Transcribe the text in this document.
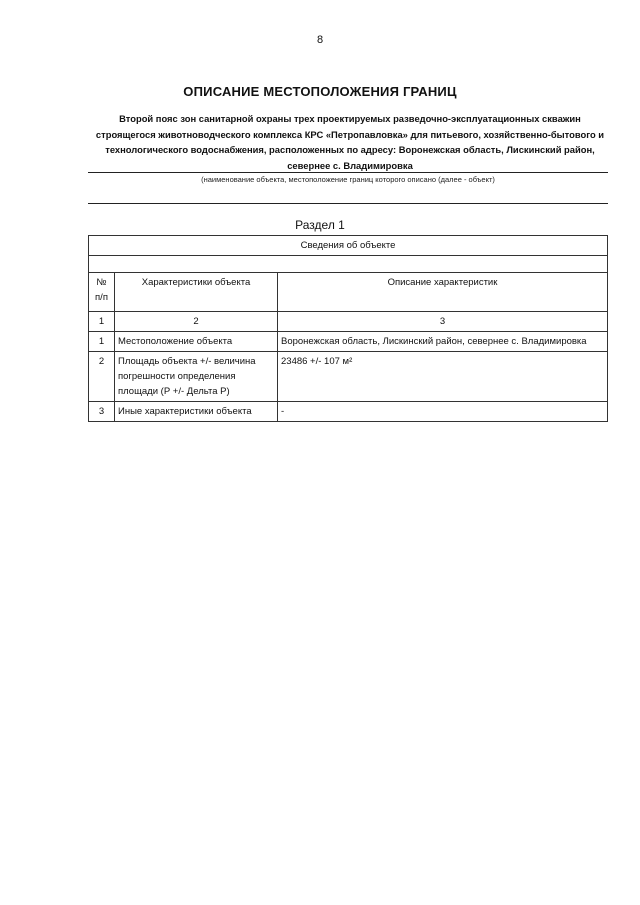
8
ОПИСАНИЕ МЕСТОПОЛОЖЕНИЯ ГРАНИЦ
Второй пояс зон санитарной охраны трех проектируемых разведочно-эксплуатационных скважин строящегося животноводческого комплекса КРС «Петропавловка» для питьевого, хозяйственно-бытового и технологического водоснабжения, расположенных по адресу: Воронежская область, Лискинский район, севернее с. Владимировка
(наименование объекта, местоположение границ которого описано (далее - объект)
Раздел 1
Сведения об объекте		

№ п/п	Характеристики объекта	Описание характеристик
1	2	3
1	Местоположение объекта	Воронежская область, Лискинский район, севернее с. Владимировка
2	Площадь объекта +/- величина погрешности определения площади (Р +/- Дельта Р)	23486 +/- 107 м²
3	Иные характеристики объекта	-
